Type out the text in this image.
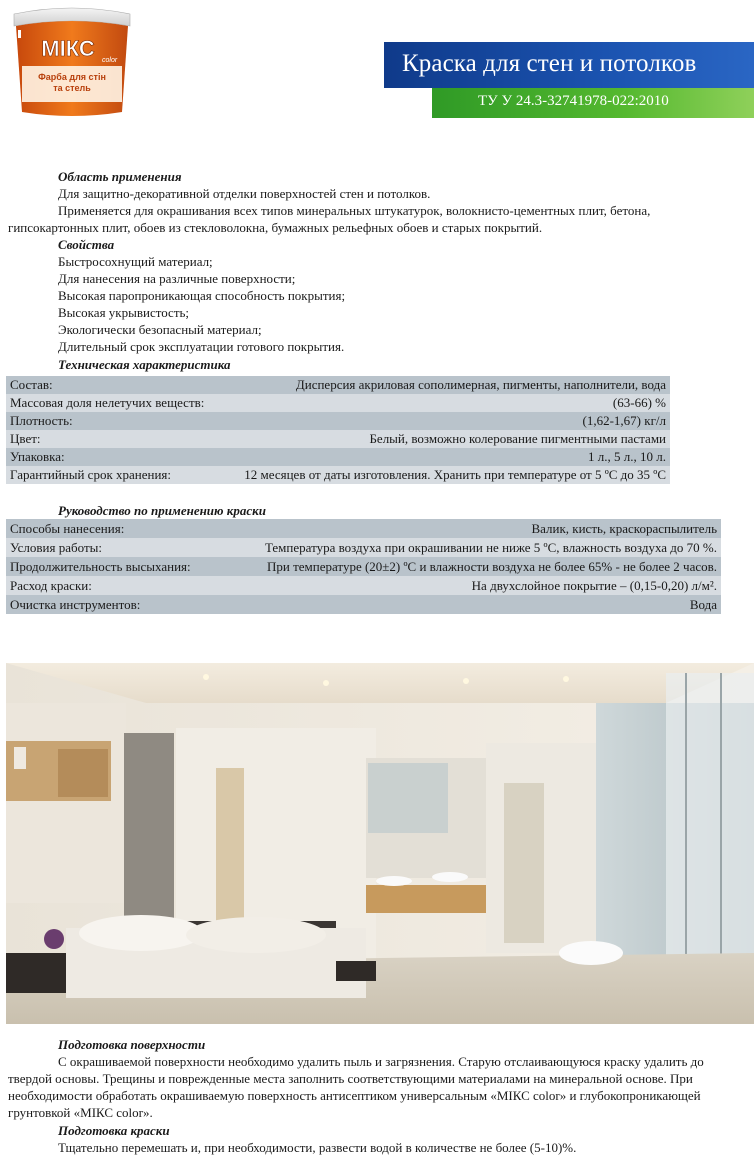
МІКС color
Фарба для стін
та стель
Краска для стен и потолков
ТУ У 24.3-32741978-022:2010
Область применения
Для защитно-декоративной отделки поверхностей стен и потолков.
Применяется для окрашивания всех типов минеральных штукатурок, волокнисто-цементных плит, бетона, гипсокартонных плит, обоев из стекловолокна, бумажных рельефных обоев и старых покрытий.
Свойства
Быстросохнущий материал;
Для нанесения на различные поверхности;
Высокая паропроникающая способность покрытия;
Высокая укрывистость;
Экологически безопасный материал;
Длительный срок эксплуатации готового покрытия.
Техническая характеристика
Состав:	Дисперсия акриловая сополимерная, пигменты, наполнители, вода
Массовая доля нелетучих веществ:	(63-66) %
Плотность:	(1,62-1,67) кг/л
Цвет:	Белый, возможно колерование пигментными пастами
Упаковка:	1 л., 5 л., 10 л.
Гарантийный срок хранения:	12 месяцев от даты изготовления. Хранить при температуре от 5 ºС до 35 ºС
Руководство по применению краски
Способы нанесения:	Валик, кисть, краскораспылитель
Условия работы:	Температура воздуха при окрашивании не ниже 5 ºС, влажность воздуха до 70 %.
Продолжительность высыхания:	При температуре (20±2) ºС и влажности воздуха не более 65% - не более 2 часов.
Расход краски:	На двухслойное покрытие – (0,15-0,20) л/м².
Очистка инструментов:	Вода
Подготовка поверхности
С окрашиваемой поверхности необходимо удалить пыль и загрязнения. Старую отслаивающуюся краску удалить до твердой основы. Трещины и поврежденные места заполнить соответствующими материалами на минеральной основе. При необходимости обработать окрашиваемую поверхность антисептиком универсальным «МІКС color» и глубокопроникающей грунтовкой «МІКС color».
Подготовка краски
Тщательно перемешать и, при необходимости, развести водой в количестве не более (5-10)%.
